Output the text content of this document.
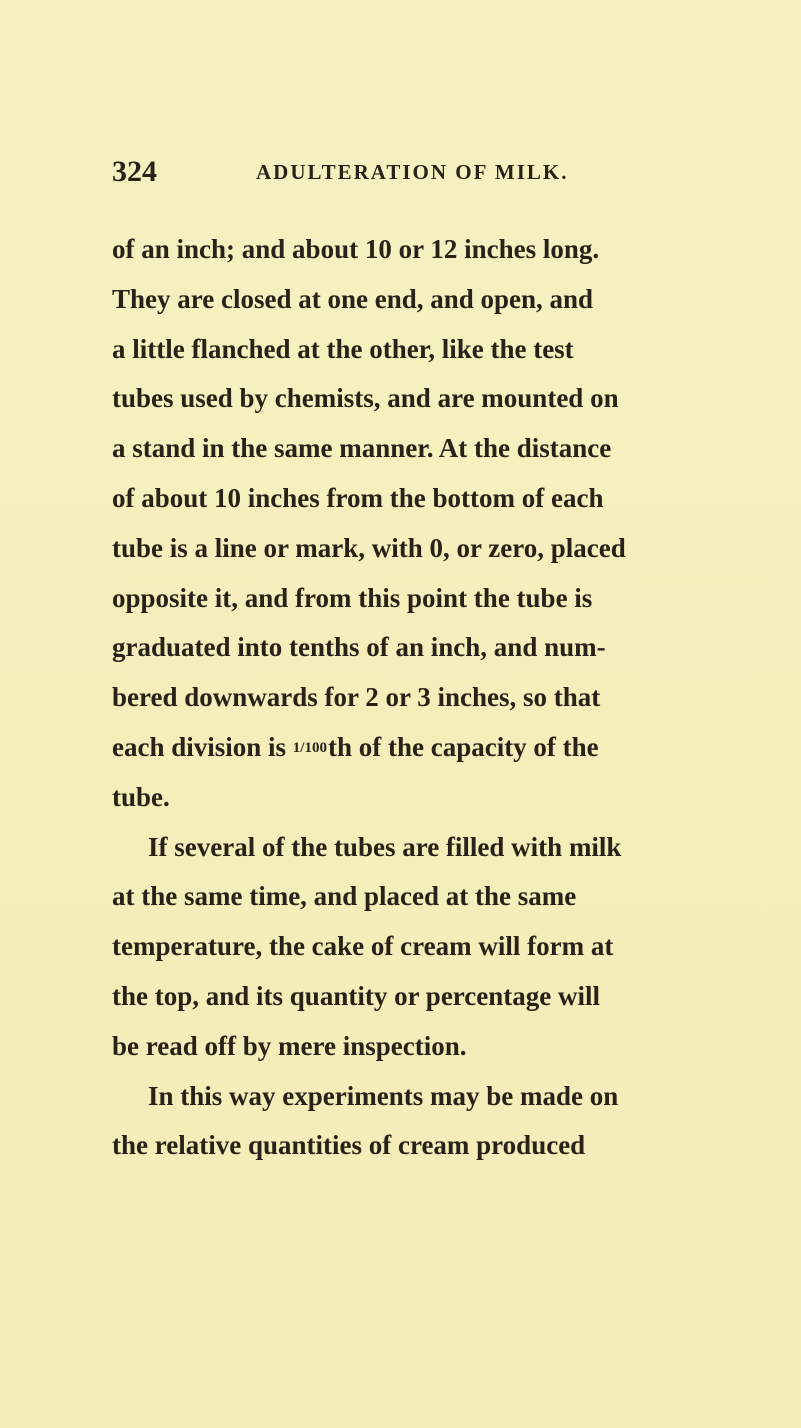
324	ADULTERATION OF MILK.
of an inch; and about 10 or 12 inches long.
They are closed at one end, and open, and
a little flanched at the other, like the test
tubes used by chemists, and are mounted on
a stand in the same manner. At the distance
of about 10 inches from the bottom of each
tube is a line or mark, with 0, or zero, placed
opposite it, and from this point the tube is
graduated into tenths of an inch, and num-
bered downwards for 2 or 3 inches, so that
each division is 1/100th of the capacity of the
tube.
If several of the tubes are filled with milk
at the same time, and placed at the same
temperature, the cake of cream will form at
the top, and its quantity or percentage will
be read off by mere inspection.
In this way experiments may be made on
the relative quantities of cream produced
